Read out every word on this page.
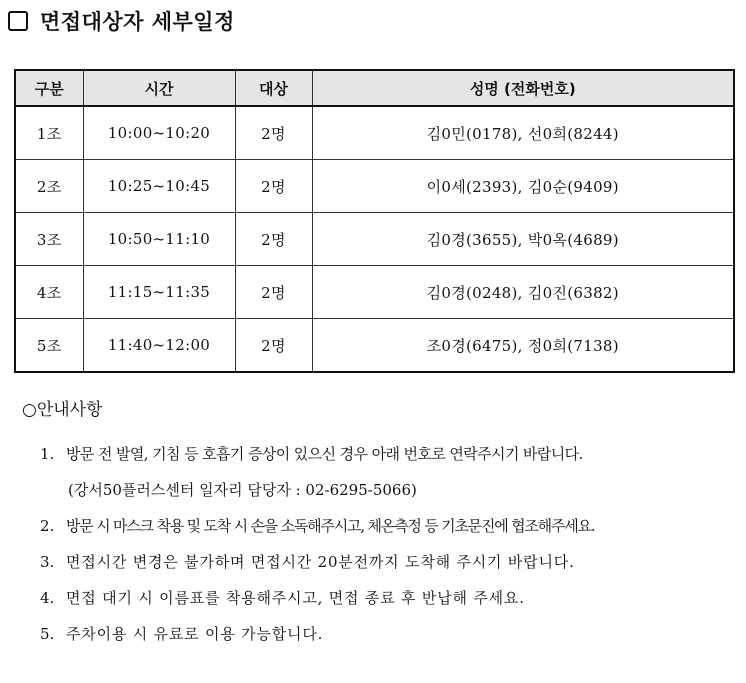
면접대상자 세부일정
구분	시간	대상	성명 (전화번호)
1조	10:00~10:20	2명	김0민(0178), 선0희(8244)
2조	10:25~10:45	2명	이0세(2393), 김0순(9409)
3조	10:50~11:10	2명	김0경(3655), 박0옥(4689)
4조	11:15~11:35	2명	김0경(0248), 김0진(6382)
5조	11:40~12:00	2명	조0경(6475), 정0희(7138)
○안내사항
1. 방문 전 발열, 기침 등 호흡기 증상이 있으신 경우 아래 번호로 연락주시기 바랍니다.
(강서50플러스센터 일자리 담당자 : 02-6295-5066)
2. 방문 시 마스크 착용 및 도착 시 손을 소독해주시고, 체온측정 등 기초문진에 협조해주세요.
3. 면접시간 변경은 불가하며 면접시간 20분전까지 도착해 주시기 바랍니다.
4. 면접 대기 시 이름표를 착용해주시고, 면접 종료 후 반납해 주세요.
5. 주차이용 시 유료로 이용 가능합니다.
